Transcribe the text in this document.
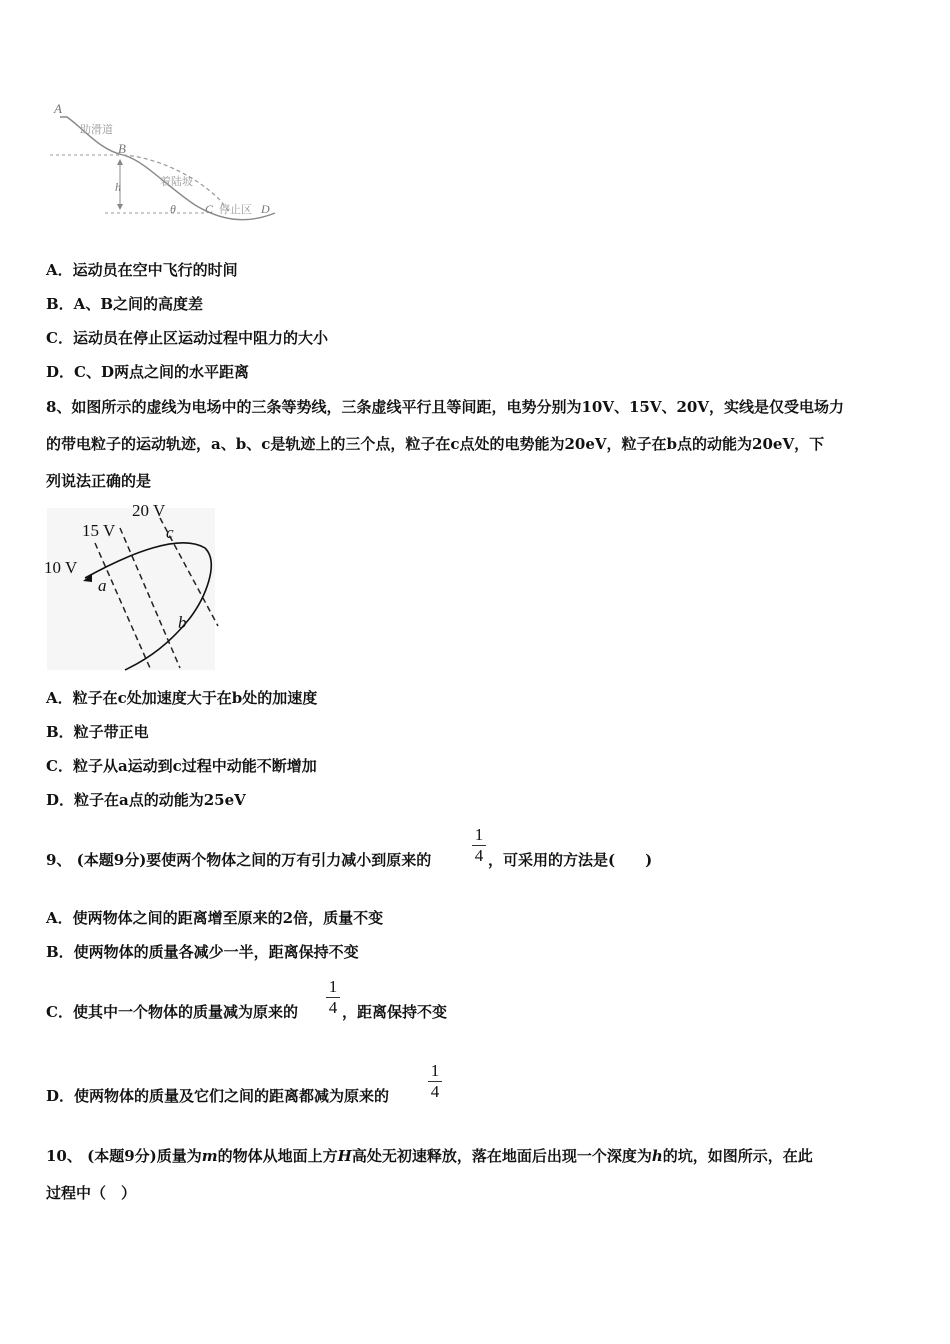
A
B
h
助滑道
着陆坡
θ C 停止区 D
A．运动员在空中飞行的时间
B．A、B之间的高度差
C．运动员在停止区运动过程中阻力的大小
D．C、D两点之间的水平距离
8、如图所示的虚线为电场中的三条等势线，三条虚线平行且等间距，电势分别为10V、15V、20V，实线是仅受电场力
的带电粒子的运动轨迹，a、b、c是轨迹上的三个点，粒子在c点处的电势能为20eV，粒子在b点的动能为20eV，下
列说法正确的是
20 V
15 V
10 V
c
a
b
A．粒子在c处加速度大于在b处的加速度
B．粒子带正电
C．粒子从a运动到c过程中动能不断增加
D．粒子在a点的动能为25eV
9、 (本题9分)要使两个物体之间的万有引力减小到原来的
1
4 ，可采用的方法是(　　)
A．使两物体之间的距离增至原来的2倍，质量不变
B．使两物体的质量各减少一半，距离保持不变
C．使其中一个物体的质量减为原来的
1
4 ，距离保持不变
D．使两物体的质量及它们之间的距离都减为原来的
1
4
10、 (本题9分)质量为m的物体从地面上方H高处无初速释放，落在地面后出现一个深度为h的坑，如图所示，在此
过程中（　）
